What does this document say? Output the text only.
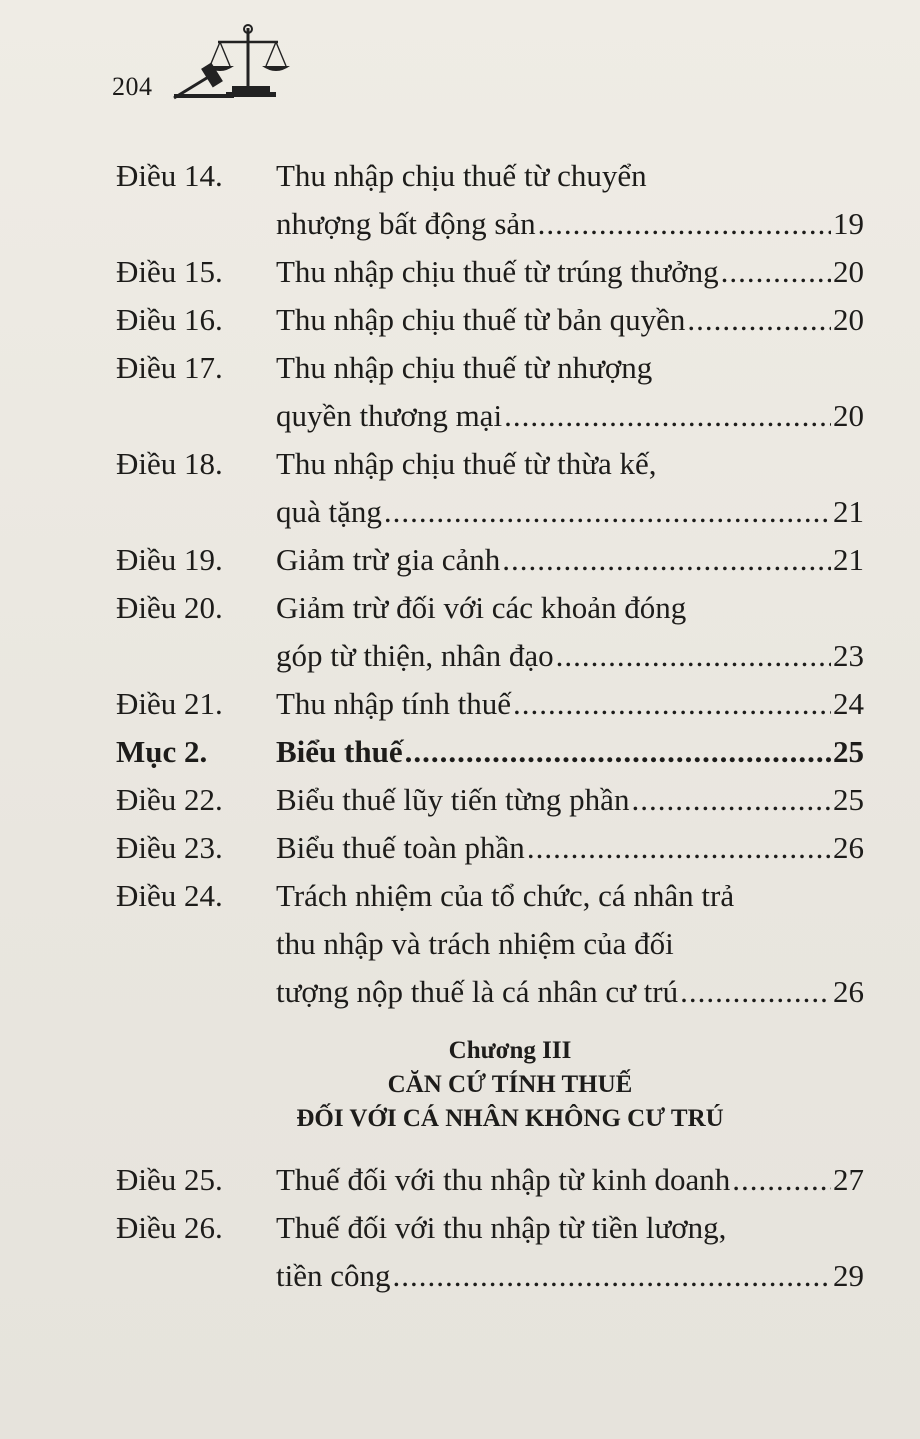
204
Điều 14.	Thu nhập chịu thuế từ chuyển
nhượng bất động sản .....	19
Điều 15.	Thu nhập chịu thuế từ trúng thưởng .....	20
Điều 16.	Thu nhập chịu thuế từ bản quyền .....	20
Điều 17.	Thu nhập chịu thuế từ nhượng
quyền thương mại .....	20
Điều 18.	Thu nhập chịu thuế từ thừa kế,
quà tặng .....	21
Điều 19.	Giảm trừ gia cảnh .....	21
Điều 20.	Giảm trừ đối với các khoản đóng
góp từ thiện, nhân đạo .....	23
Điều 21.	Thu nhập tính thuế .....	24
Mục 2.	Biểu thuế .....	25
Điều 22.	Biểu thuế lũy tiến từng phần .....	25
Điều 23.	Biểu thuế toàn phần .....	26
Điều 24.	Trách nhiệm của tổ chức, cá nhân trả
thu nhập và trách nhiệm của đối
tượng nộp thuế là cá nhân cư trú .....	26
Chương III
CĂN CỨ TÍNH THUẾ
ĐỐI VỚI CÁ NHÂN KHÔNG CƯ TRÚ
Điều 25.	Thuế đối với thu nhập từ kinh doanh .....	27
Điều 26.	Thuế đối với thu nhập từ tiền lương,
tiền công .....	29
